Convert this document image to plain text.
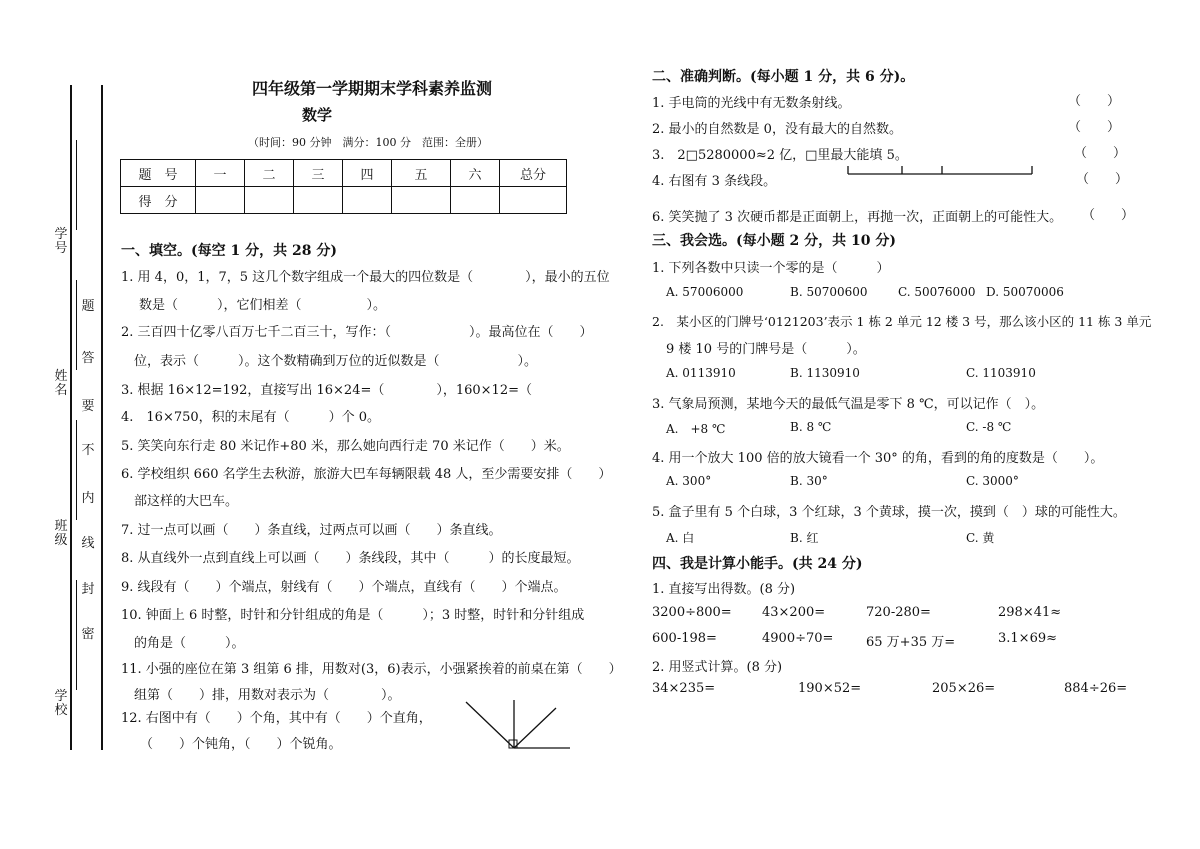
学号
姓名
班级
学校
题
答
要
不
内
线
封
密
四年级第一学期期末学科素养监测
数学
（时间：90 分钟　满分：100 分　范围：全册）
题　号	一	二	三	四	五	六	总分
得　分							
一、填空。(每空 1 分，共 28 分)
1. 用 4，0，1，7，5 这几个数字组成一个最大的四位数是（　　　　），最小的五位
数是（　　　），它们相差（　　　　　）。
2. 三百四十亿零八百万七千二百三十，写作：（　　　　　　）。最高位在（　　）
位，表示（　　　）。这个数精确到万位的近似数是（　　　　　　）。
3. 根据 16×12=192，直接写出 16×24=（　　　　），160×12=（
4.　16×750，积的末尾有（　　　）个 0。
5. 笑笑向东行走 80 米记作+80 米，那么她向西行走 70 米记作（　　）米。
6. 学校组织 660 名学生去秋游，旅游大巴车每辆限载 48 人，至少需要安排（　　）
部这样的大巴车。
7. 过一点可以画（　　）条直线，过两点可以画（　　）条直线。
8. 从直线外一点到直线上可以画（　　）条线段，其中（　　　）的长度最短。
9. 线段有（　　）个端点，射线有（　　）个端点，直线有（　　）个端点。
10. 钟面上 6 时整，时针和分针组成的角是（　　　）；3 时整，时针和分针组成
的角是（　　　）。
11. 小强的座位在第 3 组第 6 排，用数对(3，6)表示，小强紧挨着的前桌在第（　　）
组第（　　）排，用数对表示为（　　　　）。
12. 右图中有（　　）个角，其中有（　　）个直角，
（　　）个钝角，（　　）个锐角。
二、准确判断。(每小题 1 分，共 6 分)。
1. 手电筒的光线中有无数条射线。	（　　）
2. 最小的自然数是 0，没有最大的自然数。	（　　）
3.　2□5280000≈2 亿，□里最大能填 5。	（　　）
4. 右图有 3 条线段。	（　　）
6. 笑笑抛了 3 次硬币都是正面朝上，再抛一次，正面朝上的可能性大。 （　　）
三、我会选。(每小题 2 分，共 10 分)
1. 下列各数中只读一个零的是（　　　）
A. 57006000	B. 50700600	C. 50076000 D. 50070006
2.　某小区的门牌号‘0121203’表示 1 栋 2 单元 12 楼 3 号，那么该小区的 11 栋 3 单元
9 楼 10 号的门牌号是（　　　）。
A. 0113910	B. 1130910	C. 1103910
3. 气象局预测，某地今天的最低气温是零下 8 ℃，可以记作（　）。
A.　+8 ℃	B. 8 ℃	C. -8 ℃
4. 用一个放大 100 倍的放大镜看一个 30° 的角，看到的角的度数是（　　）。
A. 300°	B. 30°	C. 3000°
5. 盒子里有 5 个白球，3 个红球，3 个黄球，摸一次，摸到（　）球的可能性大。
A. 白	B. 红	C. 黄
四、我是计算小能手。(共 24 分)
1. 直接写出得数。(8 分)
3200÷800= 43×200=	720-280=	298×41≈
600-198=	4900÷70=	65 万+35 万=	3.1×69≈
2. 用竖式计算。(8 分)
34×235=	190×52=	205×26=	884÷26=
